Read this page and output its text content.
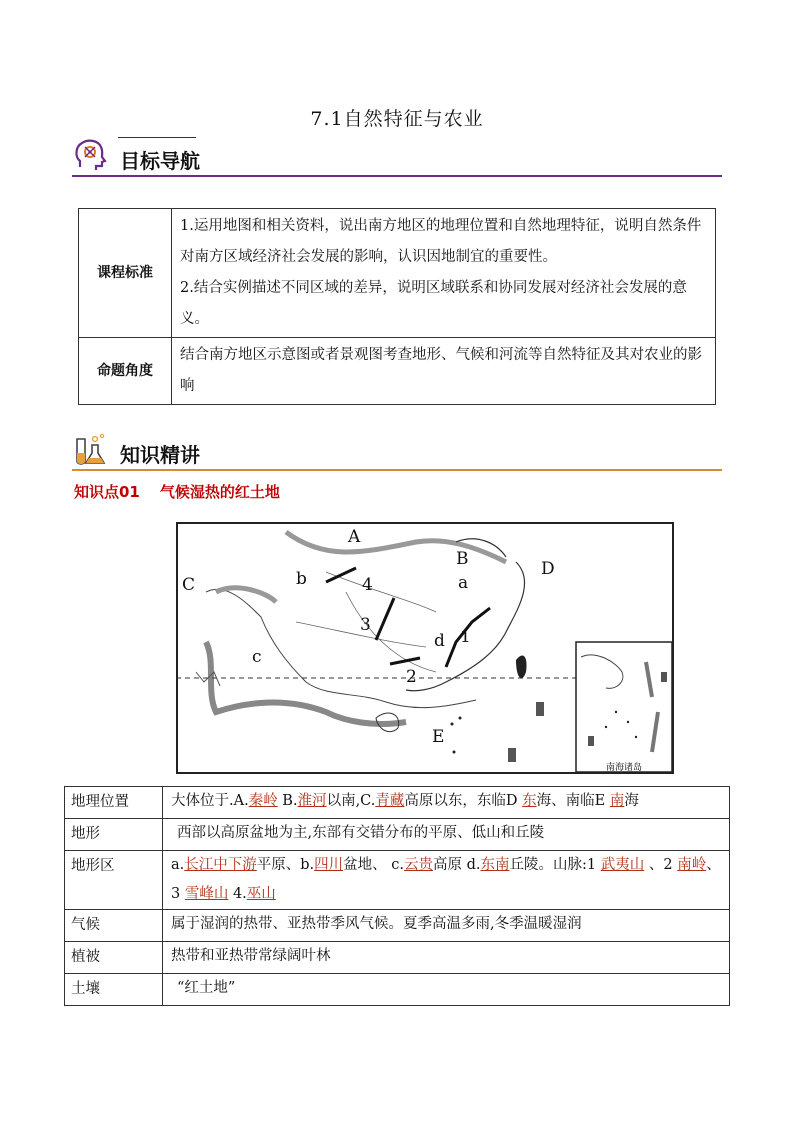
7.1自然特征与农业
目标导航
课程标准	1.运用地图和相关资料，说出南方地区的地理位置和自然地理特征，说明自然条件对南方区域经济社会发展的影响，认识因地制宜的重要性。
2.结合实例描述不同区域的差异，说明区域联系和协同发展对经济社会发展的意义。

命题角度	结合南方地区示意图或者景观图考查地形、气候和河流等自然特征及其对农业的影响
知识精讲
知识点01 气候湿热的红土地
南海诸岛
A
B
C
D
E
a
b
c
d 1
2
3
4
地理位置	大体位于.A.秦岭 B.淮河以南,C.青藏高原以东，东临D 东海、南临E 南海
地形	西部以高原盆地为主,东部有交错分布的平原、低山和丘陵
地形区	a.长江中下游平原、b.四川盆地、 c.云贵高原 d.东南丘陵。山脉:1 武夷山 、2 南岭、3 雪峰山 4.巫山
气候	属于湿润的热带、亚热带季风气候。夏季高温多雨,冬季温暖湿润
植被	热带和亚热带常绿阔叶林
土壤	“红土地”
